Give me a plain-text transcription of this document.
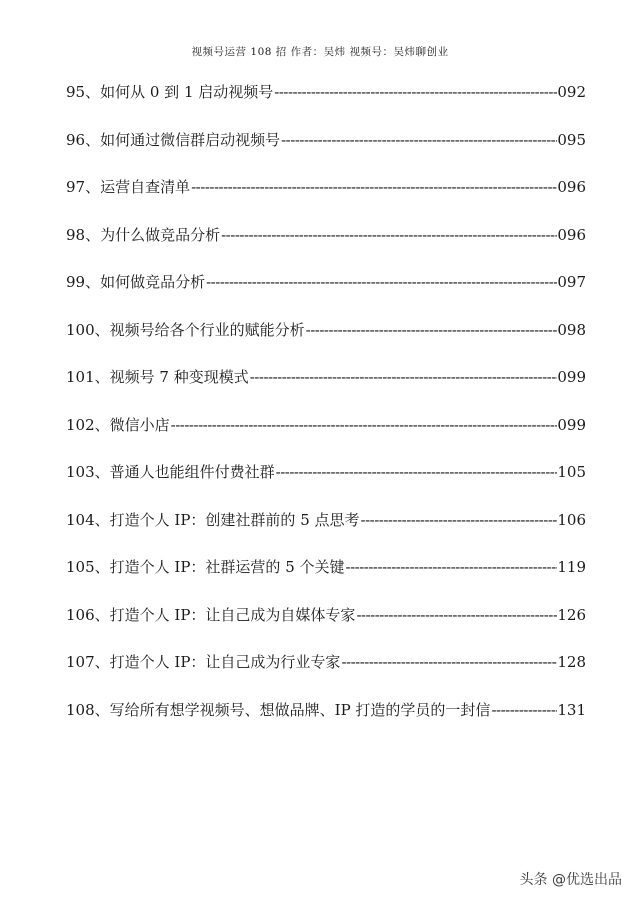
视频号运营 108 招 作者：吴炜 视频号：吴炜聊创业
95、 如何从 0 到 1 启动视频号 -----	092
96、 如何通过微信群启动视频号 -----	095
97、 运营自查清单 -----	096
98、 为什么做竞品分析 -----	096
99、 如何做竞品分析 -----	097
100、 视频号给各个行业的赋能分析 -----	098
101、 视频号 7 种变现模式 -----	099
102、 微信小店 -----	099
103、 普通人也能组件付费社群 -----	105
104、 打造个人 IP：创建社群前的 5 点思考 -----	106
105、 打造个人 IP：社群运营的 5 个关键 -----	119
106、 打造个人 IP：让自己成为自媒体专家 -----	126
107、 打造个人 IP：让自己成为行业专家 -----	128
108、 写给所有想学视频号、想做品牌、IP 打造的学员的一封信 -----	131
头条 @优选出品
